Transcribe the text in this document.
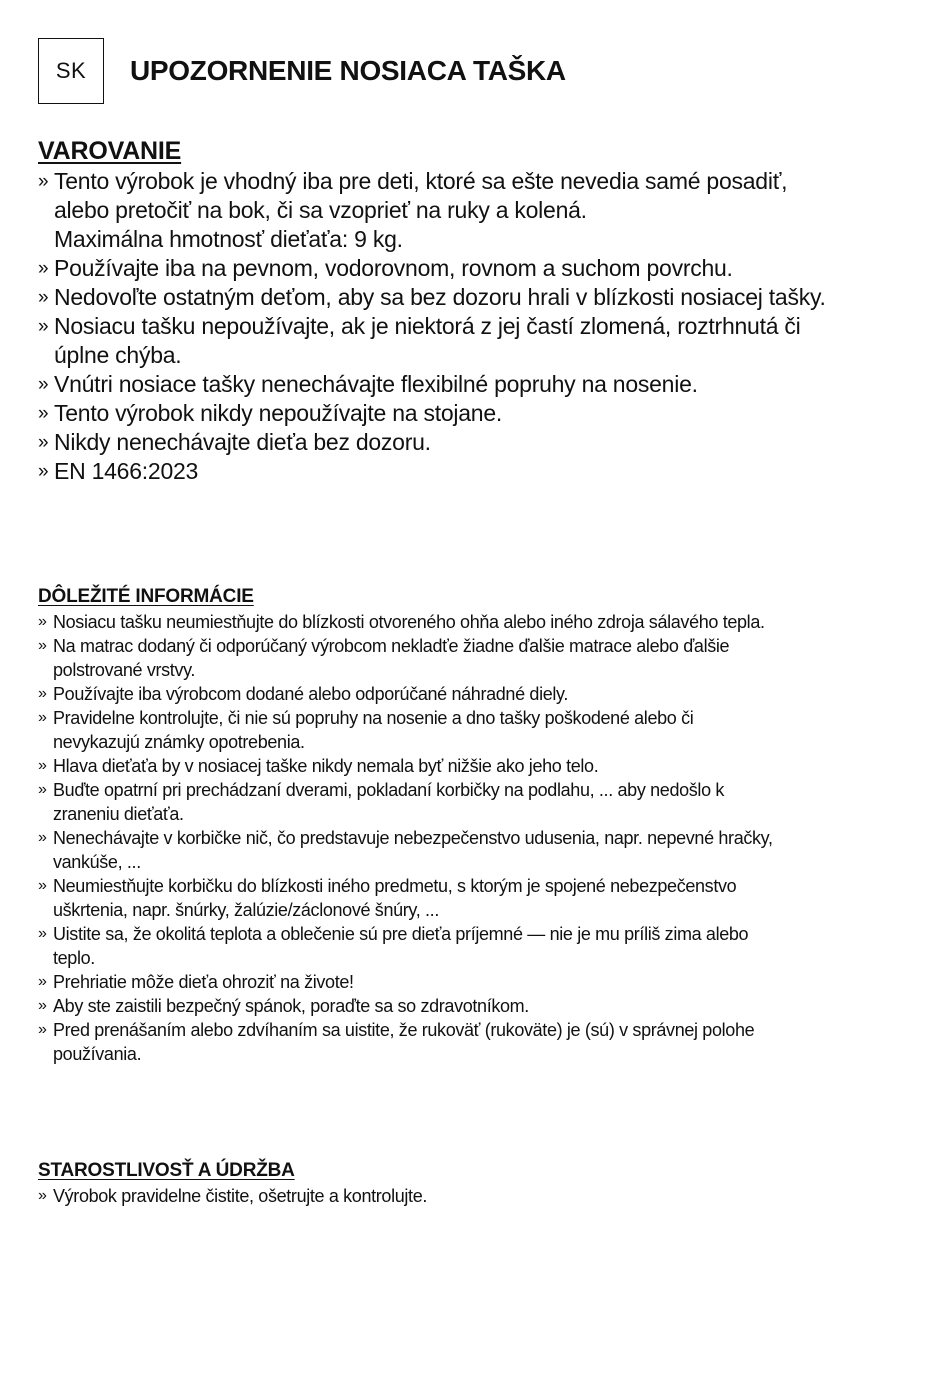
SK	UPOZORNENIE NOSIACA TAŠKA
VAROVANIE
» Tento výrobok je vhodný iba pre deti, ktoré sa ešte nevedia samé posadiť,
alebo pretočiť na bok, či sa vzoprieť na ruky a kolená.
Maximálna hmotnosť dieťaťa: 9 kg.
» Používajte iba na pevnom, vodorovnom, rovnom a suchom povrchu.
» Nedovoľte ostatným deťom, aby sa bez dozoru hrali v blízkosti nosiacej tašky.
» Nosiacu tašku nepoužívajte, ak je niektorá z jej častí zlomená, roztrhnutá či
úplne chýba.
» Vnútri nosiace tašky nenechávajte flexibilné popruhy na nosenie.
» Tento výrobok nikdy nepoužívajte na stojane.
» Nikdy nenechávajte dieťa bez dozoru.
» EN 1466:2023
DÔLEŽITÉ INFORMÁCIE
» Nosiacu tašku neumiestňujte do blízkosti otvoreného ohňa alebo iného zdroja sálavého tepla.
» Na matrac dodaný či odporúčaný výrobcom nekladťe žiadne ďalšie matrace alebo ďalšie
polstrované vrstvy.
» Používajte iba výrobcom dodané alebo odporúčané náhradné diely.
» Pravidelne kontrolujte, či nie sú popruhy na nosenie a dno tašky poškodené alebo či
nevykazujú známky opotrebenia.
» Hlava dieťaťa by v nosiacej taške nikdy nemala byť nižšie ako jeho telo.
» Buďte opatrní pri prechádzaní dverami, pokladaní korbičky na podlahu, ... aby nedošlo k
zraneniu dieťaťa.
» Nenechávajte v korbičke nič, čo predstavuje nebezpečenstvo udusenia, napr. nepevné hračky,
vankúše, ...
» Neumiestňujte korbičku do blízkosti iného predmetu, s ktorým je spojené nebezpečenstvo
uškrtenia, napr. šnúrky, žalúzie/záclonové šnúry, ...
» Uistite sa, že okolitá teplota a oblečenie sú pre dieťa príjemné — nie je mu príliš zima alebo
teplo.
» Prehriatie môže dieťa ohroziť na živote!
» Aby ste zaistili bezpečný spánok, poraďte sa so zdravotníkom.
» Pred prenášaním alebo zdvíhaním sa uistite, že rukoväť (rukoväte) je (sú) v správnej polohe
používania.
STAROSTLIVOSŤ A ÚDRŽBA
» Výrobok pravidelne čistite, ošetrujte a kontrolujte.
